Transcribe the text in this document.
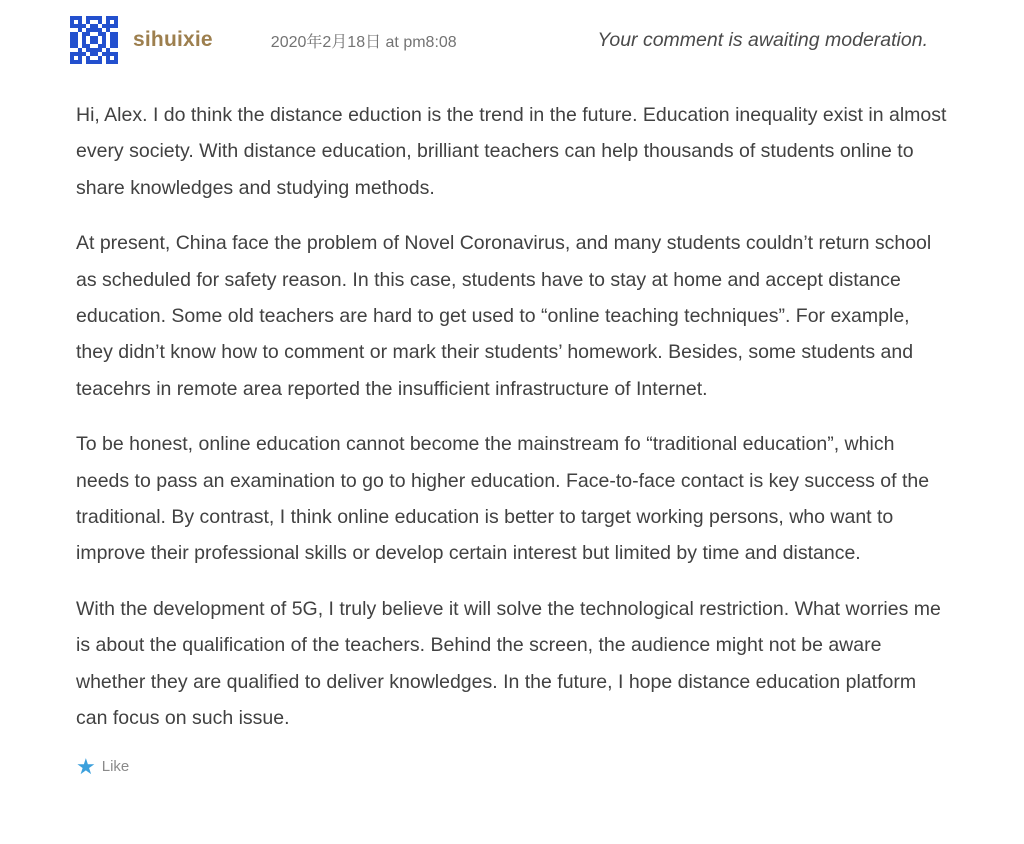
sihuixie	2020年2月18日 at pm8:08	Your comment is awaiting moderation.

Hi, Alex. I do think the distance eduction is the trend in the future. Education inequality exist in almost every society. With distance education, brilliant teachers can help thousands of students online to share knowledges and studying methods.

At present, China face the problem of Novel Coronavirus, and many students couldn’t return school as scheduled for safety reason. In this case, students have to stay at home and accept distance education. Some old teachers are hard to get used to “online teaching techniques”. For example, they didn’t know how to comment or mark their students’ homework. Besides, some students and teacehrs in remote area reported the insufficient infrastructure of Internet.

To be honest, online education cannot become the mainstream fo “traditional education”, which needs to pass an examination to go to higher education. Face-to-face contact is key success of the traditional. By contrast, I think online education is better to target working persons, who want to improve their professional skills or develop certain interest but limited by time and distance.

With the development of 5G, I truly believe it will solve the technological restriction. What worries me is about the qualification of the teachers. Behind the screen, the audience might not be aware whether they are qualified to deliver knowledges. In the future, I hope distance education platform can focus on such issue.

★ Like
